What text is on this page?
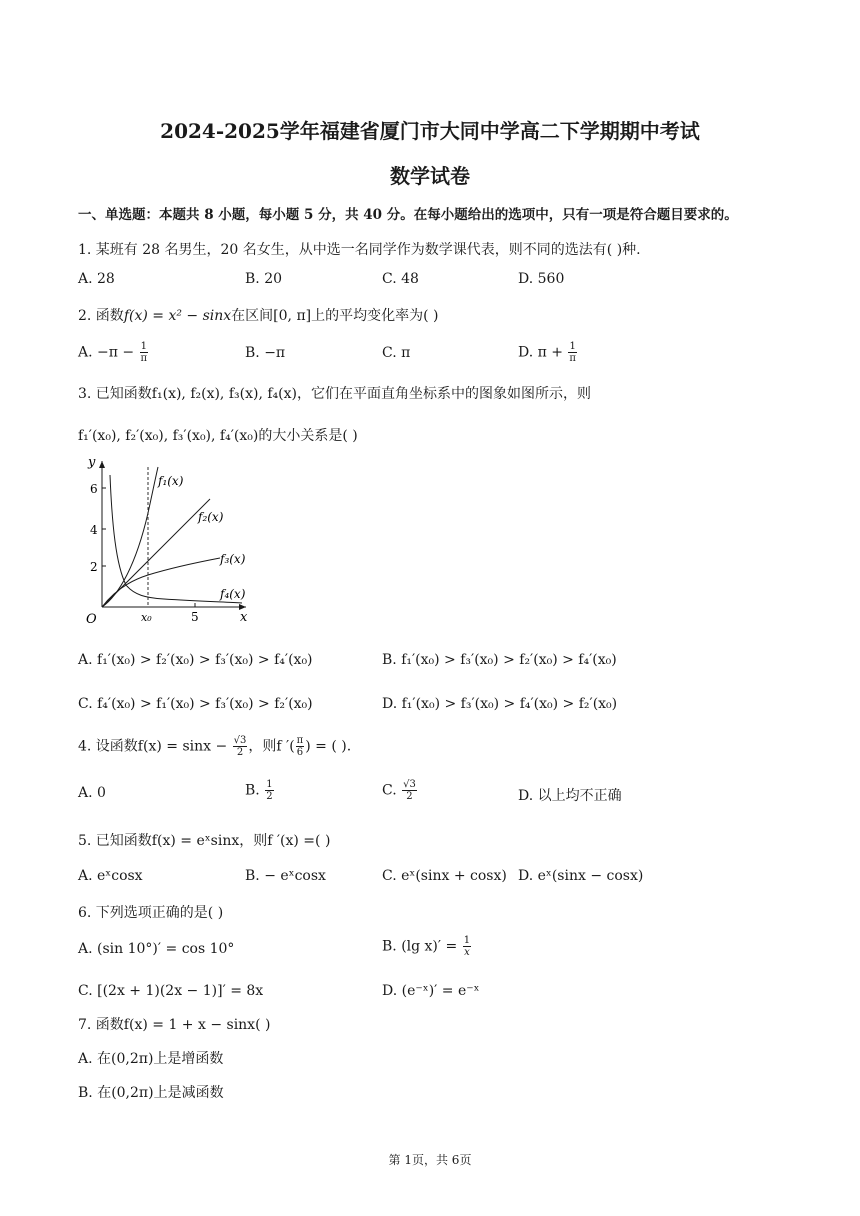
2024-2025学年福建省厦门市大同中学高二下学期期中考试
数学试卷
一、单选题：本题共 8 小题，每小题 5 分，共 40 分。在每小题给出的选项中，只有一项是符合题目要求的。
1. 某班有 28 名男生，20 名女生，从中选一名同学作为数学课代表，则不同的选法有( )种.
A. 28	B. 20	C. 48	D. 560
2. 函数f(x) = x² − sinx在区间[0, π]上的平均变化率为( )
A. $-\pi - \frac{1}{\pi}$	B. −π	C. π	D. $\pi + \frac{1}{\pi}$
3. 已知函数f₁(x), f₂(x), f₃(x), f₄(x)，它们在平面直角坐标系中的图象如图所示，则
f₁′(x₀), f₂′(x₀), f₃′(x₀), f₄′(x₀)的大小关系是( )
y
x
O
6
4
2
x₀	5
f₁(x)
f₂(x)
f₃(x)
f₄(x)
A. f₁′(x₀) > f₂′(x₀) > f₃′(x₀) > f₄′(x₀)	B. f₁′(x₀) > f₃′(x₀) > f₂′(x₀) > f₄′(x₀)
C. f₄′(x₀) > f₁′(x₀) > f₃′(x₀) > f₂′(x₀)	D. f₁′(x₀) > f₃′(x₀) > f₄′(x₀) > f₂′(x₀)
4. 设函数$f(x) = \sin x - \frac{√3}{2}$ ，则f ′( $\frac{\pi}{6}$ ) = ( ).
A. 0	B. $\frac{1}{2}$	C. $\frac{√3}{2}$	D. 以上均不正确
5. 已知函数f(x) = eˣsinx，则f ′(x) =( )
A. eˣcosx	B. − eˣcosx	C. eˣ(sinx + cosx) D. eˣ(sinx − cosx)
6. 下列选项正确的是( )
A. (sin 10°)′ = cos 10°	B. (lg $x)' = \frac{1}{x}$
C. [(2x + 1)(2x − 1)]′ = 8x	D. (e⁻ˣ)′ = e⁻ˣ
7. 函数f(x) = 1 + x − sinx( )
A. 在(0,2π)上是增函数
B. 在(0,2π)上是减函数
第 1页，共 6页
